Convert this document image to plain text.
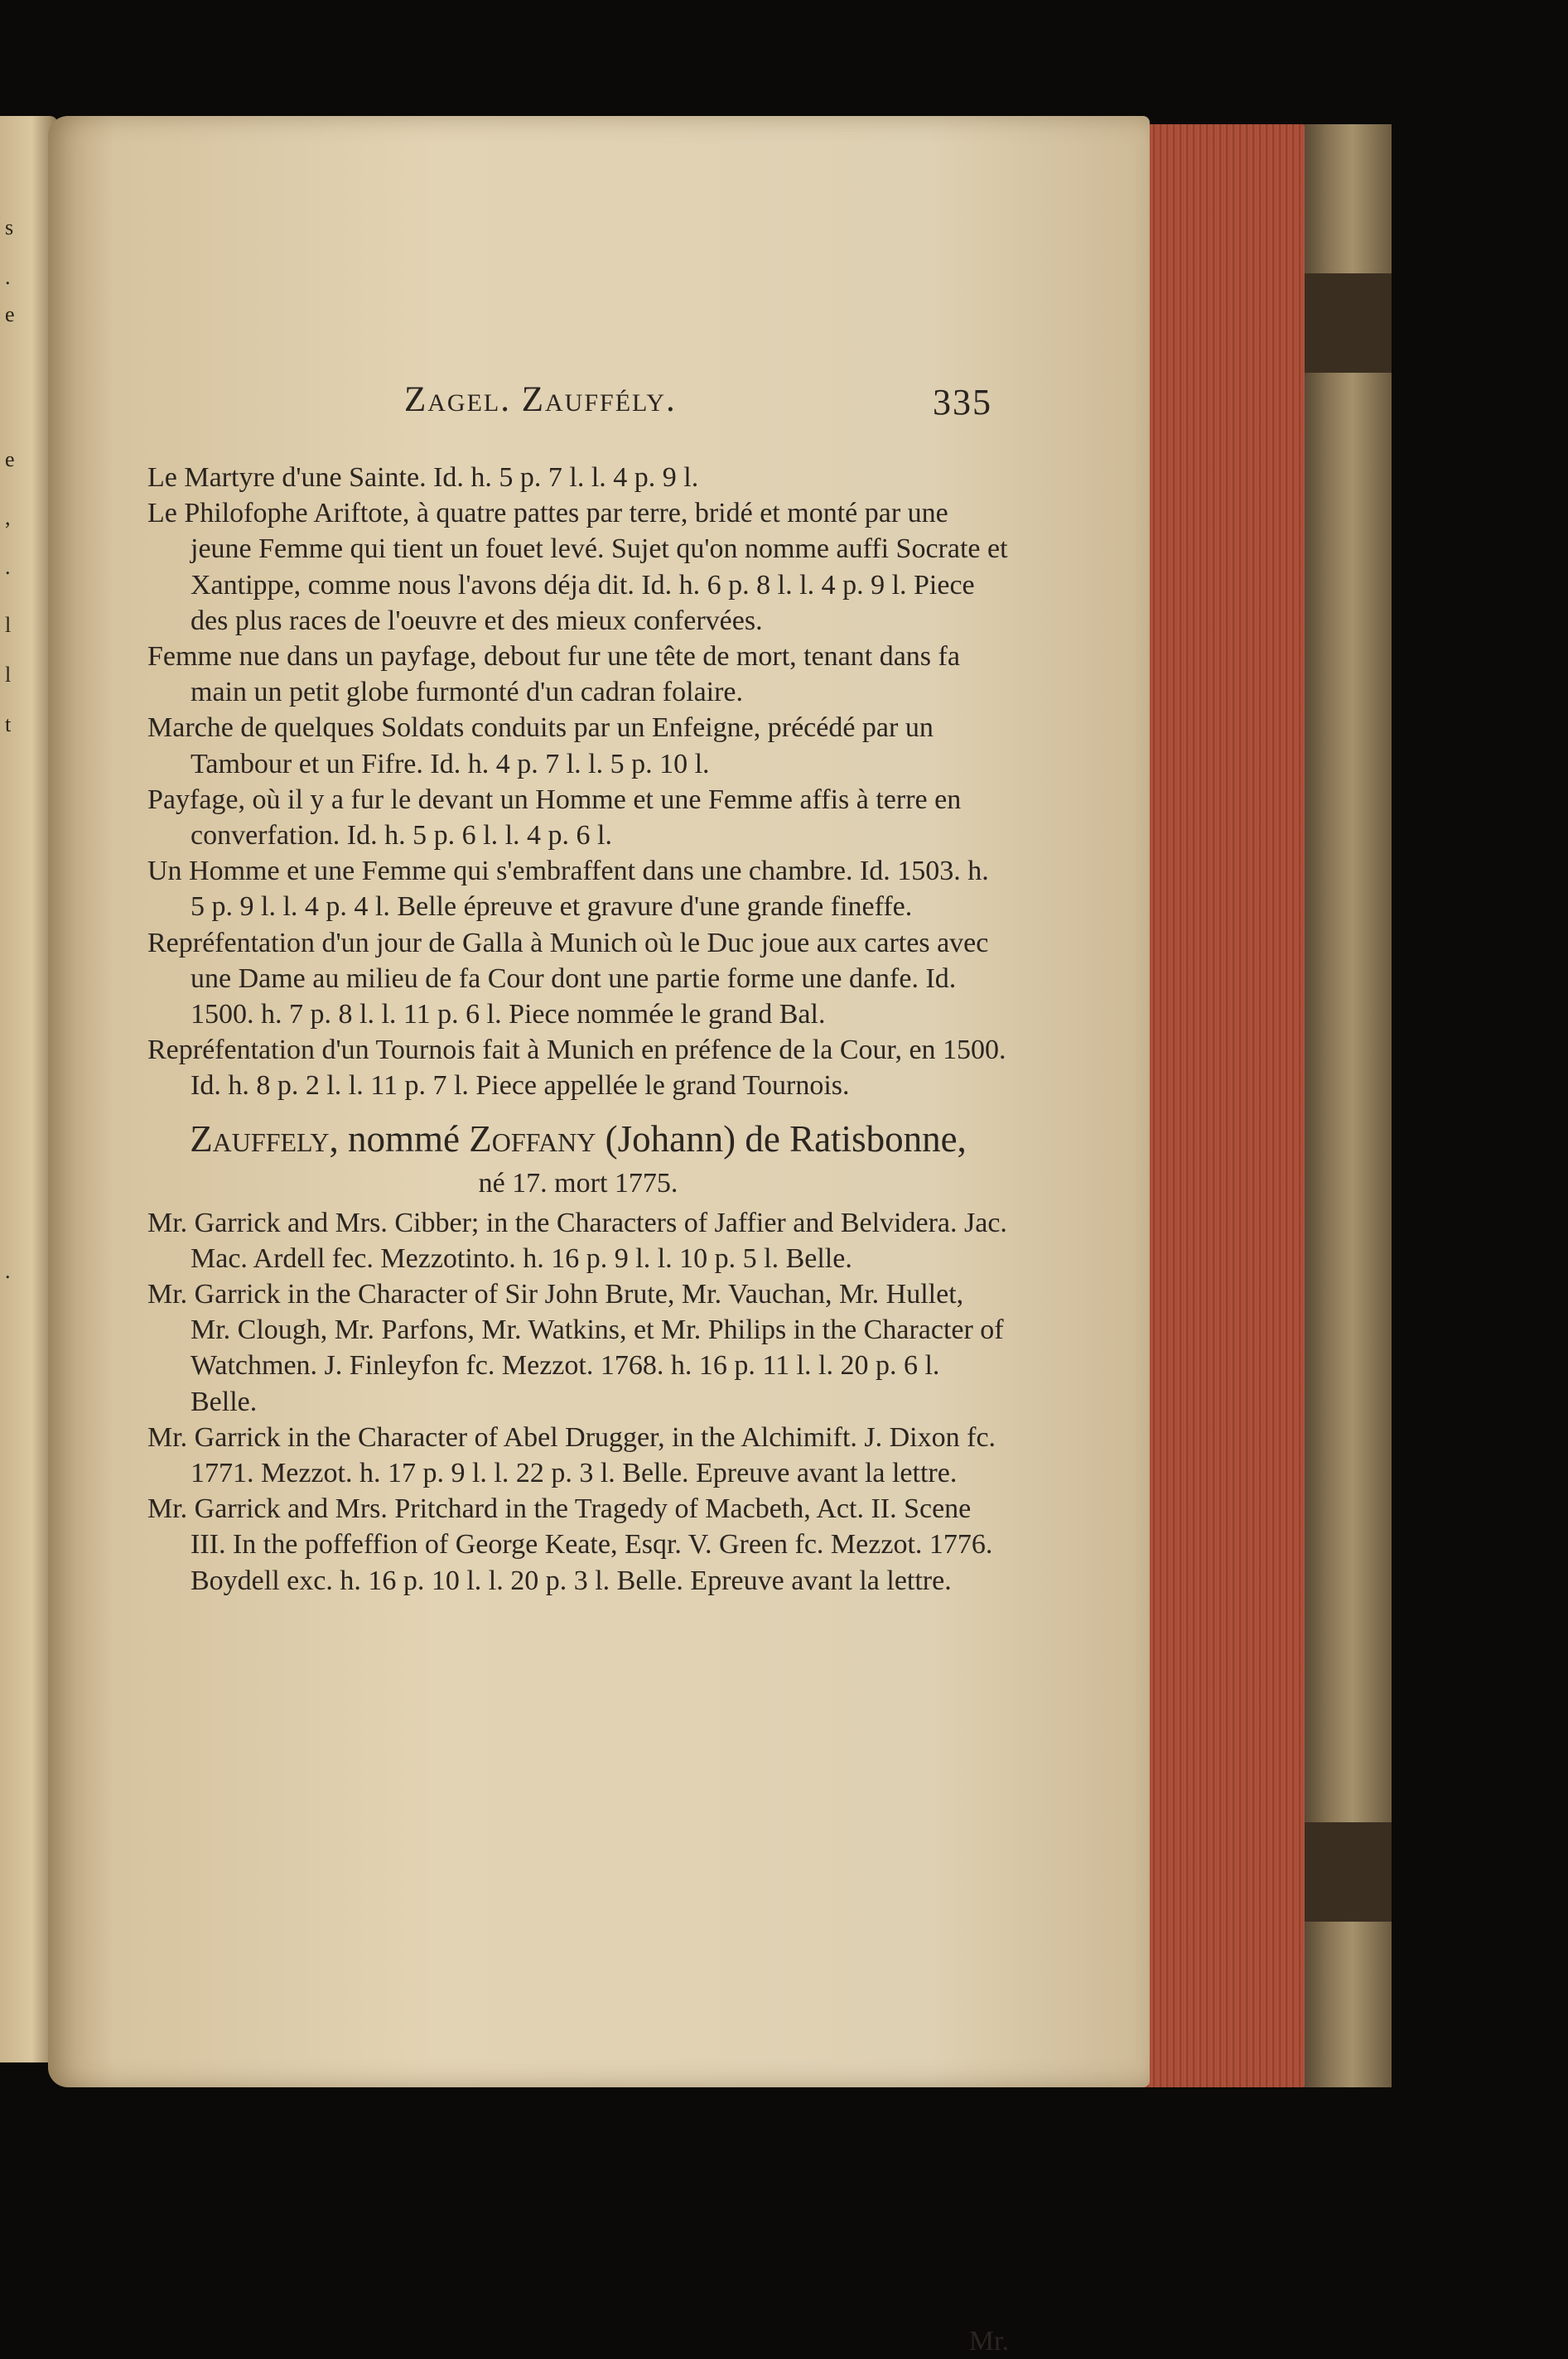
s
.
e
e
,
.
l
l
t
.
Zagel. Zauffély.	335

Le Martyre d'une Sainte. Id. h. 5 p. 7 l. l. 4 p. 9 l.

Le Philofophe Ariftote, à quatre pattes par terre, bridé et monté par une jeune Femme qui tient un fouet levé. Sujet qu'on nomme auffi Socrate et Xantippe, comme nous l'avons déja dit. Id. h. 6 p. 8 l. l. 4 p. 9 l. Piece des plus races de l'oeuvre et des mieux confervées.

Femme nue dans un payfage, debout fur une tête de mort, tenant dans fa main un petit globe furmonté d'un cadran folaire.

Marche de quelques Soldats conduits par un Enfeigne, précédé par un Tambour et un Fifre. Id. h. 4 p. 7 l. l. 5 p. 10 l.

Payfage, où il y a fur le devant un Homme et une Femme affis à terre en converfation. Id. h. 5 p. 6 l. l. 4 p. 6 l.

Un Homme et une Femme qui s'embraffent dans une chambre. Id. 1503. h. 5 p. 9 l. l. 4 p. 4 l. Belle épreuve et gravure d'une grande fineffe.

Repréfentation d'un jour de Galla à Munich où le Duc joue aux cartes avec une Dame au milieu de fa Cour dont une partie forme une danfe. Id. 1500. h. 7 p. 8 l. l. 11 p. 6 l. Piece nommée le grand Bal.

Repréfentation d'un Tournois fait à Munich en préfence de la Cour, en 1500. Id. h. 8 p. 2 l. l. 11 p. 7 l. Piece appellée le grand Tournois.

Zauffely, nommé Zoffany (Johann) de Ratisbonne,
né 17. mort 1775.

Mr. Garrick and Mrs. Cibber; in the Characters of Jaffier and Belvidera. Jac. Mac. Ardell fec. Mezzotinto. h. 16 p. 9 l. l. 10 p. 5 l. Belle.

Mr. Garrick in the Character of Sir John Brute, Mr. Vauchan, Mr. Hullet, Mr. Clough, Mr. Parfons, Mr. Watkins, et Mr. Philips in the Character of Watchmen. J. Finleyfon fc. Mezzot. 1768. h. 16 p. 11 l. l. 20 p. 6 l. Belle.

Mr. Garrick in the Character of Abel Drugger, in the Alchimift. J. Dixon fc. 1771. Mezzot. h. 17 p. 9 l. l. 22 p. 3 l. Belle. Epreuve avant la lettre.

Mr. Garrick and Mrs. Pritchard in the Tragedy of Macbeth, Act. II. Scene III. In the poffeffion of George Keate, Esqr. V. Green fc. Mezzot. 1776. Boydell exc. h. 16 p. 10 l. l. 20 p. 3 l. Belle. Epreuve avant la lettre.

Mr.
